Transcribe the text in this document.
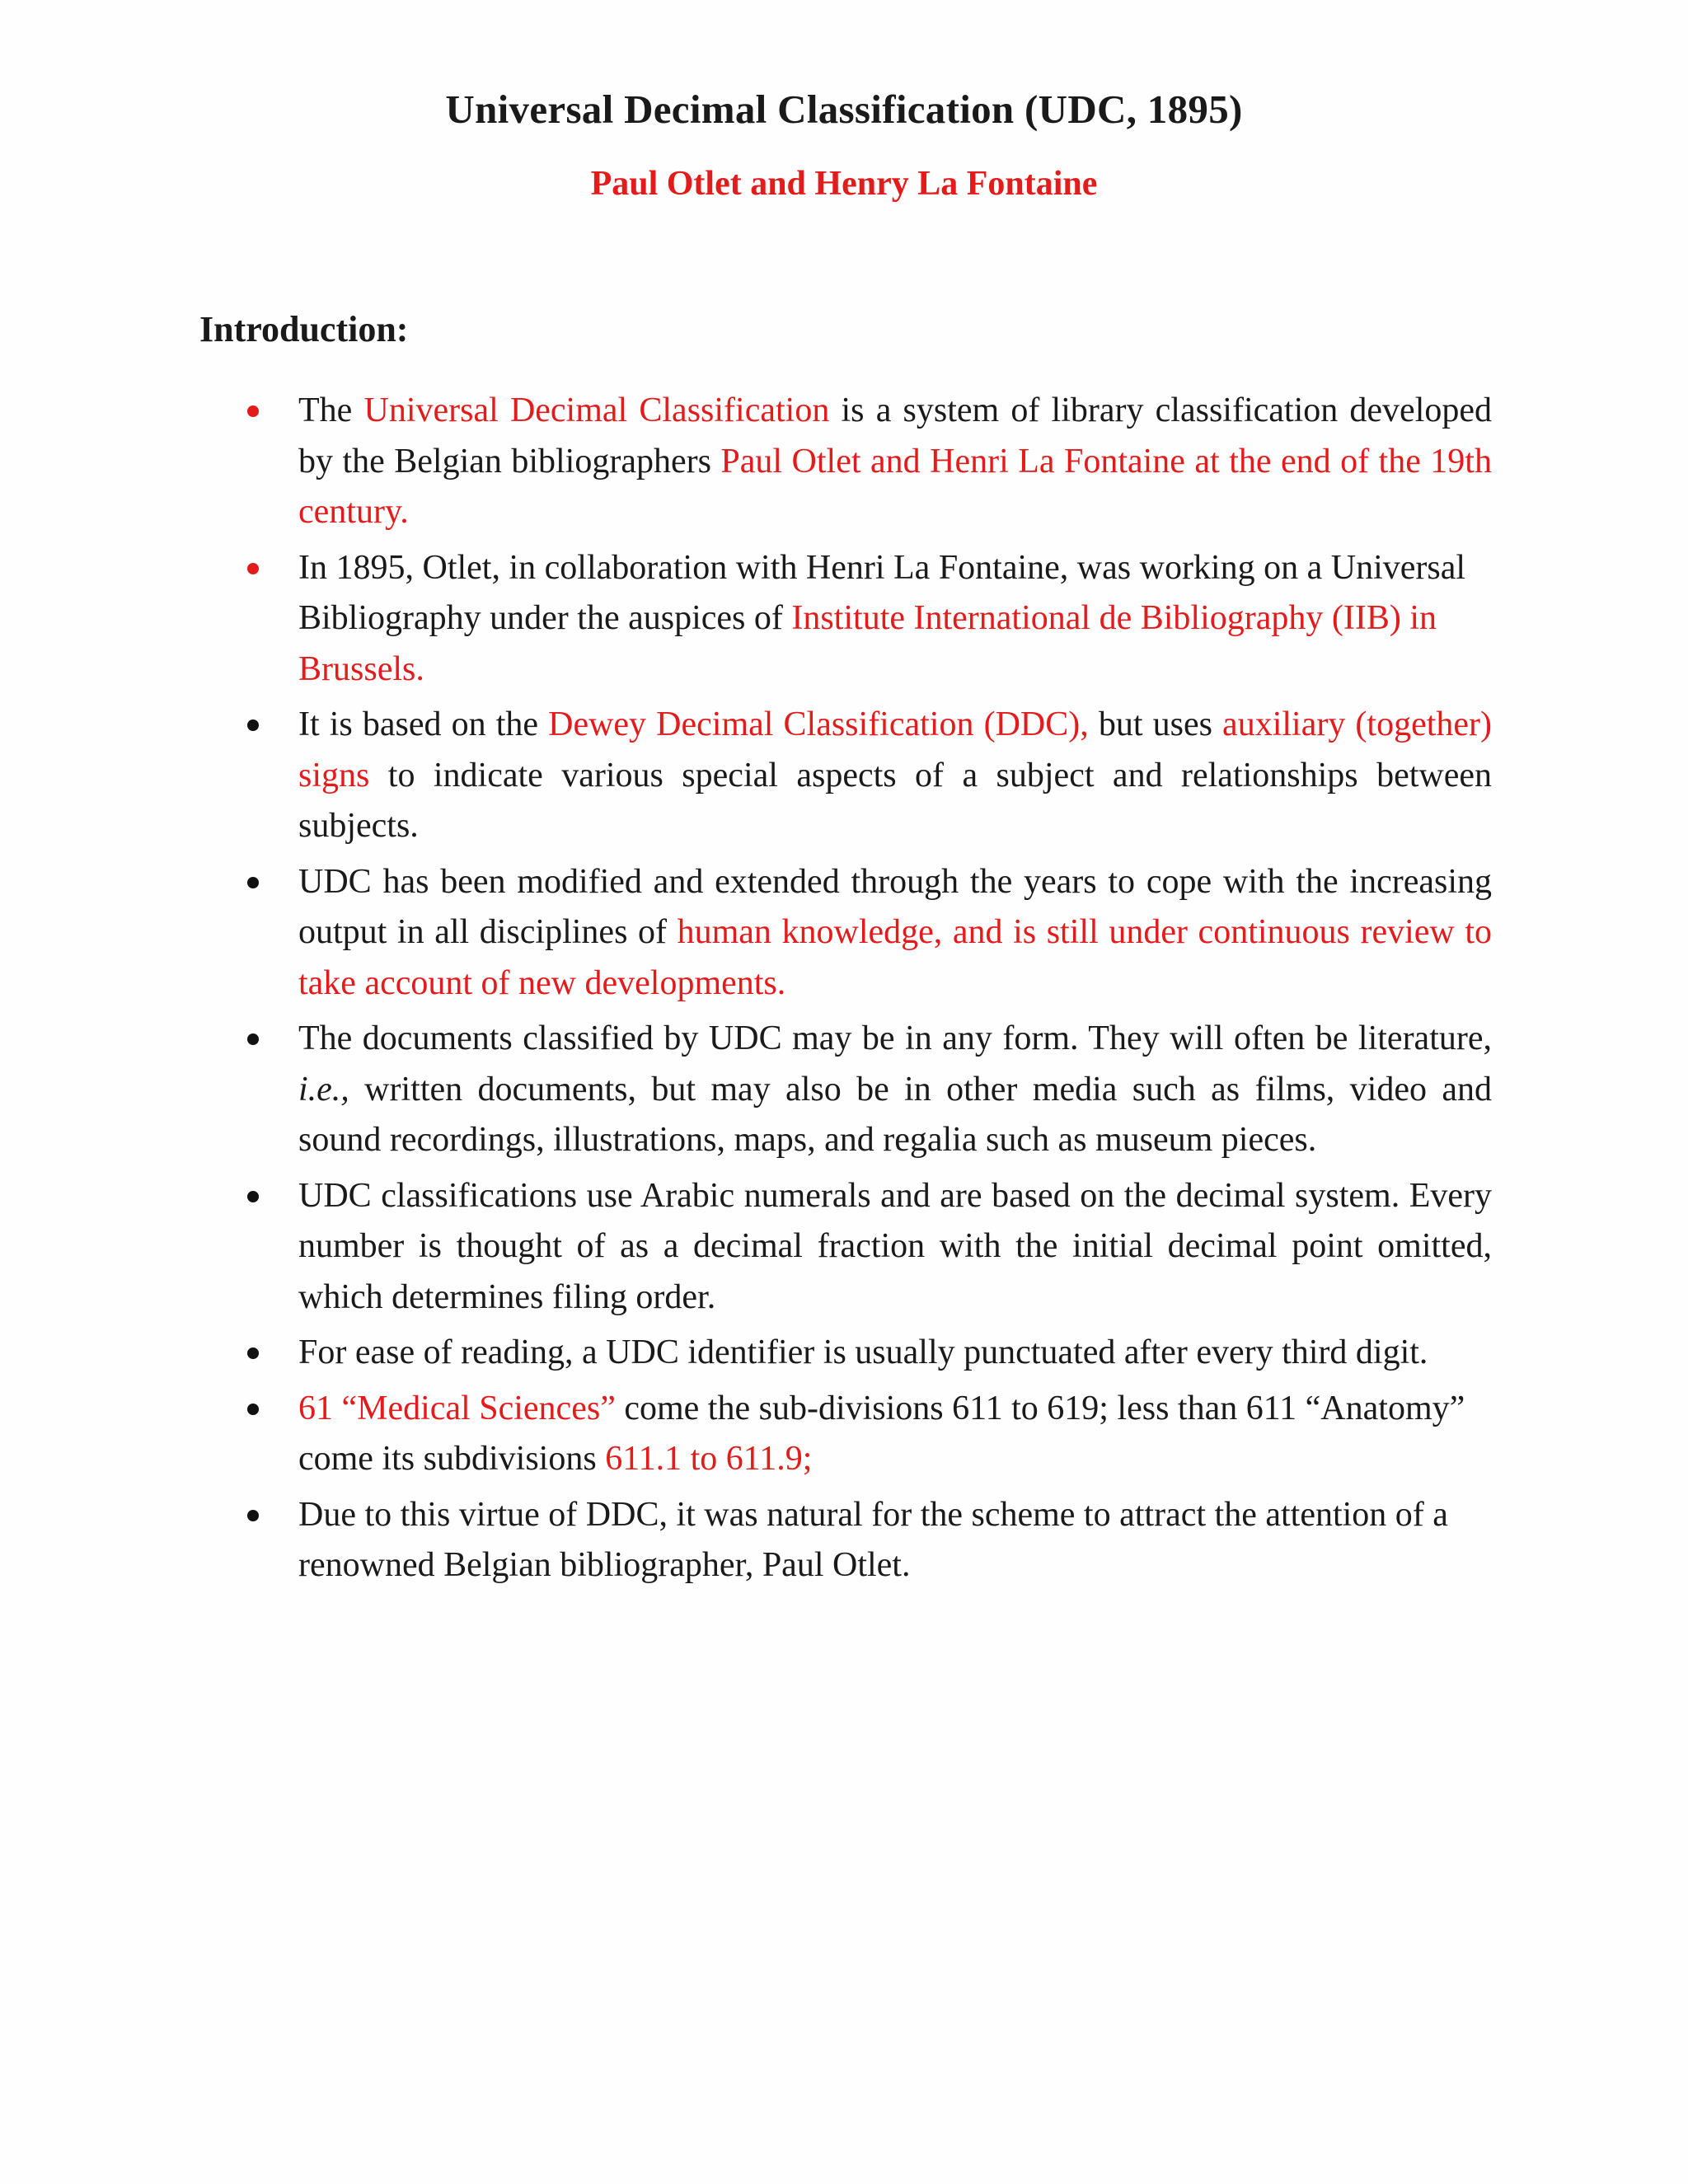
Universal Decimal Classification (UDC, 1895)
Paul Otlet and Henry La Fontaine
Introduction:
The Universal Decimal Classification is a system of library classification developed by the Belgian bibliographers Paul Otlet and Henri La Fontaine at the end of the 19th century.
In 1895, Otlet, in collaboration with Henri La Fontaine, was working on a Universal Bibliography under the auspices of Institute International de Bibliography (IIB) in Brussels.
It is based on the Dewey Decimal Classification (DDC), but uses auxiliary (together) signs to indicate various special aspects of a subject and relationships between subjects.
UDC has been modified and extended through the years to cope with the increasing output in all disciplines of human knowledge, and is still under continuous review to take account of new developments.
The documents classified by UDC may be in any form. They will often be literature, i.e., written documents, but may also be in other media such as films, video and sound recordings, illustrations, maps, and regalia such as museum pieces.
UDC classifications use Arabic numerals and are based on the decimal system. Every number is thought of as a decimal fraction with the initial decimal point omitted, which determines filing order.
For ease of reading, a UDC identifier is usually punctuated after every third digit.
61 “Medical Sciences” come the sub-divisions 611 to 619; less than 611 “Anatomy” come its subdivisions 611.1 to 611.9;
Due to this virtue of DDC, it was natural for the scheme to attract the attention of a renowned Belgian bibliographer, Paul Otlet.
